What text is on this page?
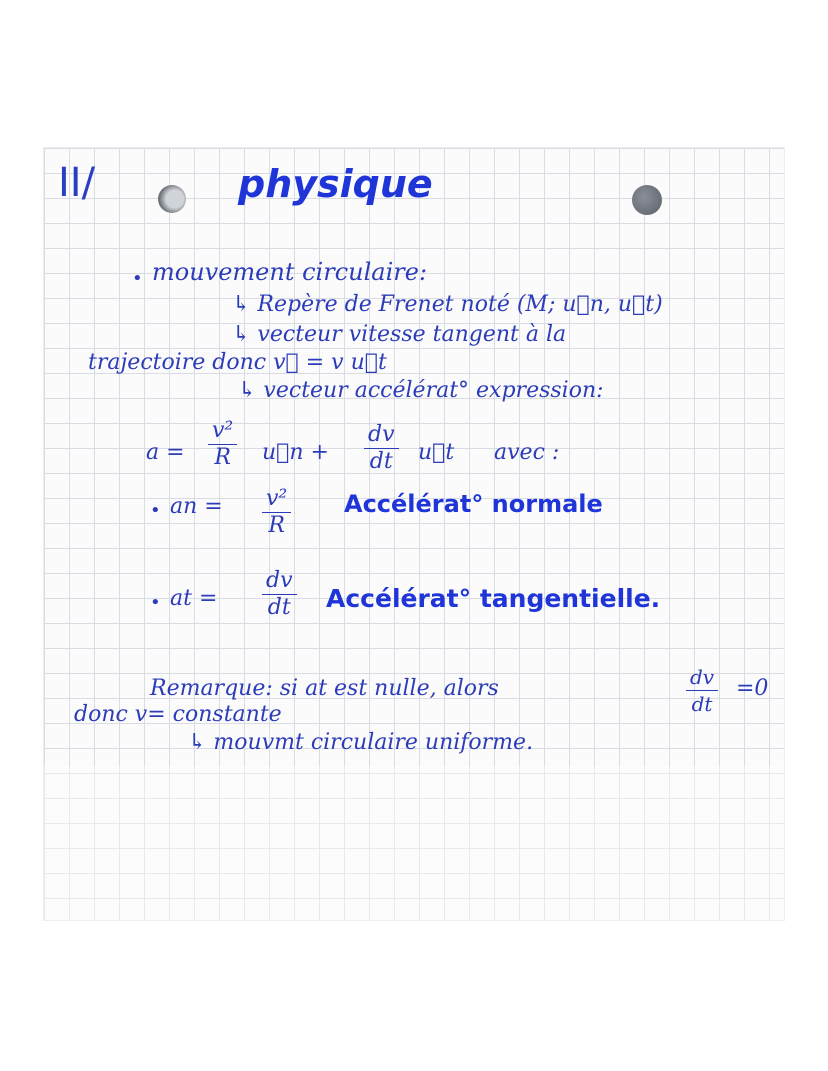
II/	physique
• mouvement circulaire:
↳ Repère de Frenet noté (M; u⃗n, u⃗t)
↳ vecteur vitesse tangent à la
trajectoire donc v⃗ = v u⃗t
↳ vecteur accélérat° expression:
$a = \frac{\text{v²}}{R}$ u⃗n + $\frac{dv}{dt}$ u⃗t avec :
• an = $\frac{\text{v²}}{R}$ Accélérat° normale
• at = $\frac{dv}{dt}$ Accélérat° tangentielle.
Remarque: si at est nulle, alors	$\frac{dv}{dt} =0$
donc v= constante
↳ mouvmt circulaire uniforme.
